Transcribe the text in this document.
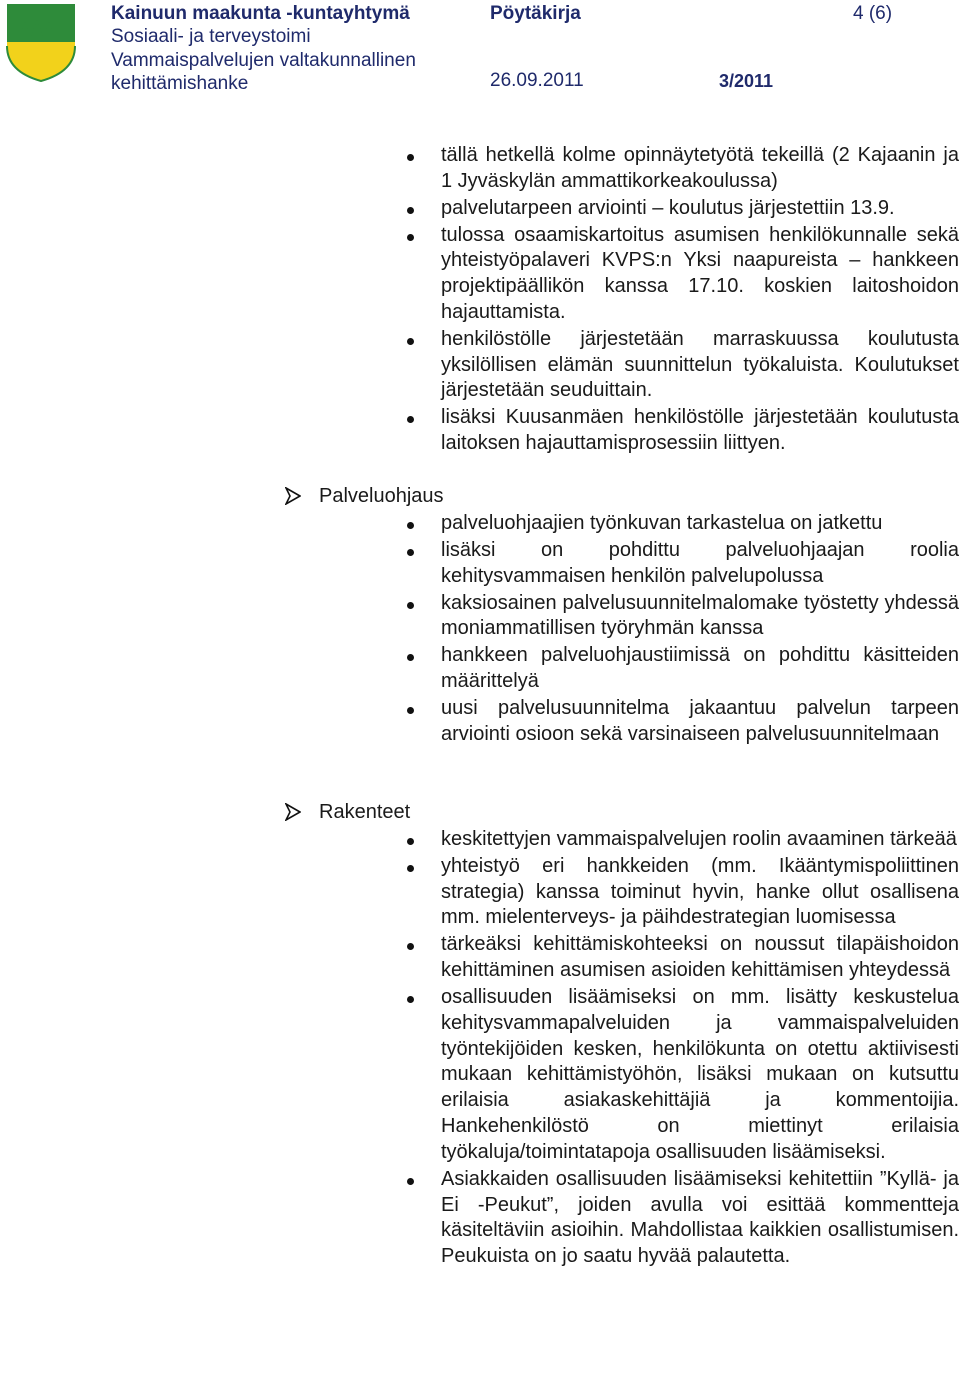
Kainuun maakunta -kuntayhtymä
Sosiaali- ja terveystoimi
Vammaispalvelujen valtakunnallinen
kehittämishanke
Pöytäkirja	4 (6)
26.09.2011	3/2011
tällä hetkellä kolme opinnäytetyötä tekeillä (2 Kajaanin ja 1 Jyväskylän ammattikorkeakoulussa)
palvelutarpeen arviointi – koulutus järjestettiin 13.9.
tulossa osaamiskartoitus asumisen henkilökunnalle sekä yhteistyöpalaveri KVPS:n Yksi naapureista – hankkeen projektipäällikön kanssa 17.10. koskien laitoshoidon hajauttamista.
henkilöstölle järjestetään marraskuussa koulutusta yksilöllisen elämän suunnittelun työkaluista. Koulutukset järjestetään seuduittain.
lisäksi Kuusanmäen henkilöstölle järjestetään koulutusta laitoksen hajauttamisprosessiin liittyen.
Palveluohjaus
palveluohjaajien työnkuvan tarkastelua on jatkettu
lisäksi on pohdittu palveluohjaajan roolia kehitysvammaisen henkilön palvelupolussa
kaksiosainen palvelusuunnitelmalomake työstetty yhdessä moniammatillisen työryhmän kanssa
hankkeen palveluohjaustiimissä on pohdittu käsitteiden määrittelyä
uusi palvelusuunnitelma jakaantuu palvelun tarpeen arviointi osioon sekä varsinaiseen palvelusuunnitelmaan
Rakenteet
keskitettyjen vammaispalvelujen roolin avaaminen tärkeää
yhteistyö eri hankkeiden (mm. Ikääntymispoliittinen strategia) kanssa toiminut hyvin, hanke ollut osallisena mm. mielenterveys- ja päihdestrategian luomisessa
tärkeäksi kehittämiskohteeksi on noussut tilapäishoidon kehittäminen asumisen asioiden kehittämisen yhteydessä
osallisuuden lisäämiseksi on mm. lisätty keskustelua kehitysvammapalveluiden ja vammaispalveluiden työntekijöiden kesken, henkilökunta on otettu aktiivisesti mukaan kehittämistyöhön, lisäksi mukaan on kutsuttu erilaisia asiakaskehittäjiä ja kommentoijia. Hankehenkilöstö on miettinyt erilaisia työkaluja/toimintatapoja osallisuuden lisäämiseksi.
Asiakkaiden osallisuuden lisäämiseksi kehitettiin ”Kyllä- ja Ei -Peukut”, joiden avulla voi esittää kommentteja käsiteltäviin asioihin. Mahdollistaa kaikkien osallistumisen. Peukuista on jo saatu hyvää palautetta.
